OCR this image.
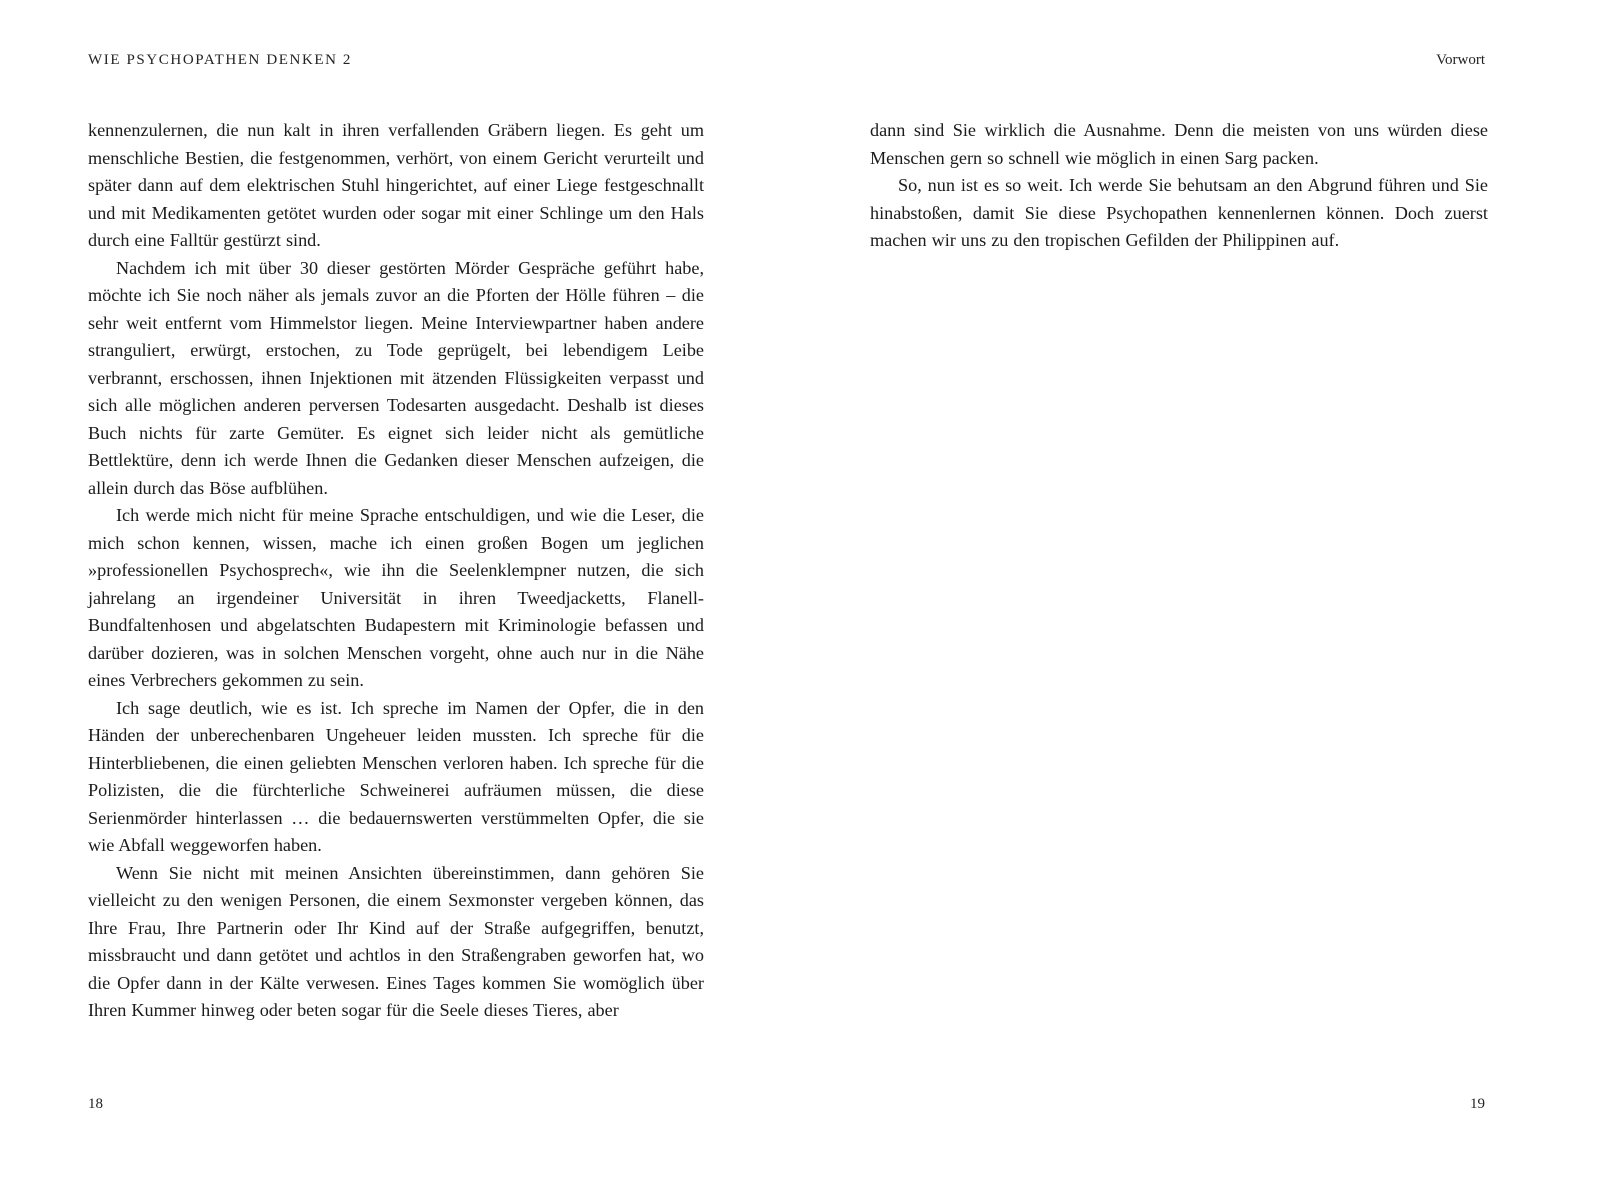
WIE PSYCHOPATHEN DENKEN 2	Vorwort

kennenzulernen, die nun kalt in ihren verfallenden Gräbern liegen. Es geht um menschliche Bestien, die festgenommen, verhört, von einem Gericht verurteilt und später dann auf dem elektrischen Stuhl hingerichtet, auf einer Liege festgeschnallt und mit Medikamenten getötet wurden oder sogar mit einer Schlinge um den Hals durch eine Falltür gestürzt sind.

Nachdem ich mit über 30 dieser gestörten Mörder Gespräche geführt habe, möchte ich Sie noch näher als jemals zuvor an die Pforten der Hölle führen – die sehr weit entfernt vom Himmelstor liegen. Meine Interviewpartner haben andere stranguliert, erwürgt, erstochen, zu Tode geprügelt, bei lebendigem Leibe verbrannt, erschossen, ihnen Injektionen mit ätzenden Flüssigkeiten verpasst und sich alle möglichen anderen perversen Todesarten ausgedacht. Deshalb ist dieses Buch nichts für zarte Gemüter. Es eignet sich leider nicht als gemütliche Bettlektüre, denn ich werde Ihnen die Gedanken dieser Menschen aufzeigen, die allein durch das Böse aufblühen.

Ich werde mich nicht für meine Sprache entschuldigen, und wie die Leser, die mich schon kennen, wissen, mache ich einen großen Bogen um jeglichen »professionellen Psychosprech«, wie ihn die Seelenklempner nutzen, die sich jahrelang an irgendeiner Universität in ihren Tweedjacketts, Flanell-Bundfaltenhosen und abgelatschten Budapestern mit Kriminologie befassen und darüber dozieren, was in solchen Menschen vorgeht, ohne auch nur in die Nähe eines Verbrechers gekommen zu sein.

Ich sage deutlich, wie es ist. Ich spreche im Namen der Opfer, die in den Händen der unberechenbaren Ungeheuer leiden mussten. Ich spreche für die Hinterbliebenen, die einen geliebten Menschen verloren haben. Ich spreche für die Polizisten, die die fürchterliche Schweinerei aufräumen müssen, die diese Serienmörder hinterlassen … die bedauernswerten verstümmelten Opfer, die sie wie Abfall weggeworfen haben.

Wenn Sie nicht mit meinen Ansichten übereinstimmen, dann gehören Sie vielleicht zu den wenigen Personen, die einem Sexmonster vergeben können, das Ihre Frau, Ihre Partnerin oder Ihr Kind auf der Straße aufgegriffen, benutzt, missbraucht und dann getötet und achtlos in den Straßengraben geworfen hat, wo die Opfer dann in der Kälte verwesen. Eines Tages kommen Sie womöglich über Ihren Kummer hinweg oder beten sogar für die Seele dieses Tieres, aber

dann sind Sie wirklich die Ausnahme. Denn die meisten von uns würden diese Menschen gern so schnell wie möglich in einen Sarg packen.

So, nun ist es so weit. Ich werde Sie behutsam an den Abgrund führen und Sie hinabstoßen, damit Sie diese Psychopathen kennenlernen können. Doch zuerst machen wir uns zu den tropischen Gefilden der Philippinen auf.

18	19
